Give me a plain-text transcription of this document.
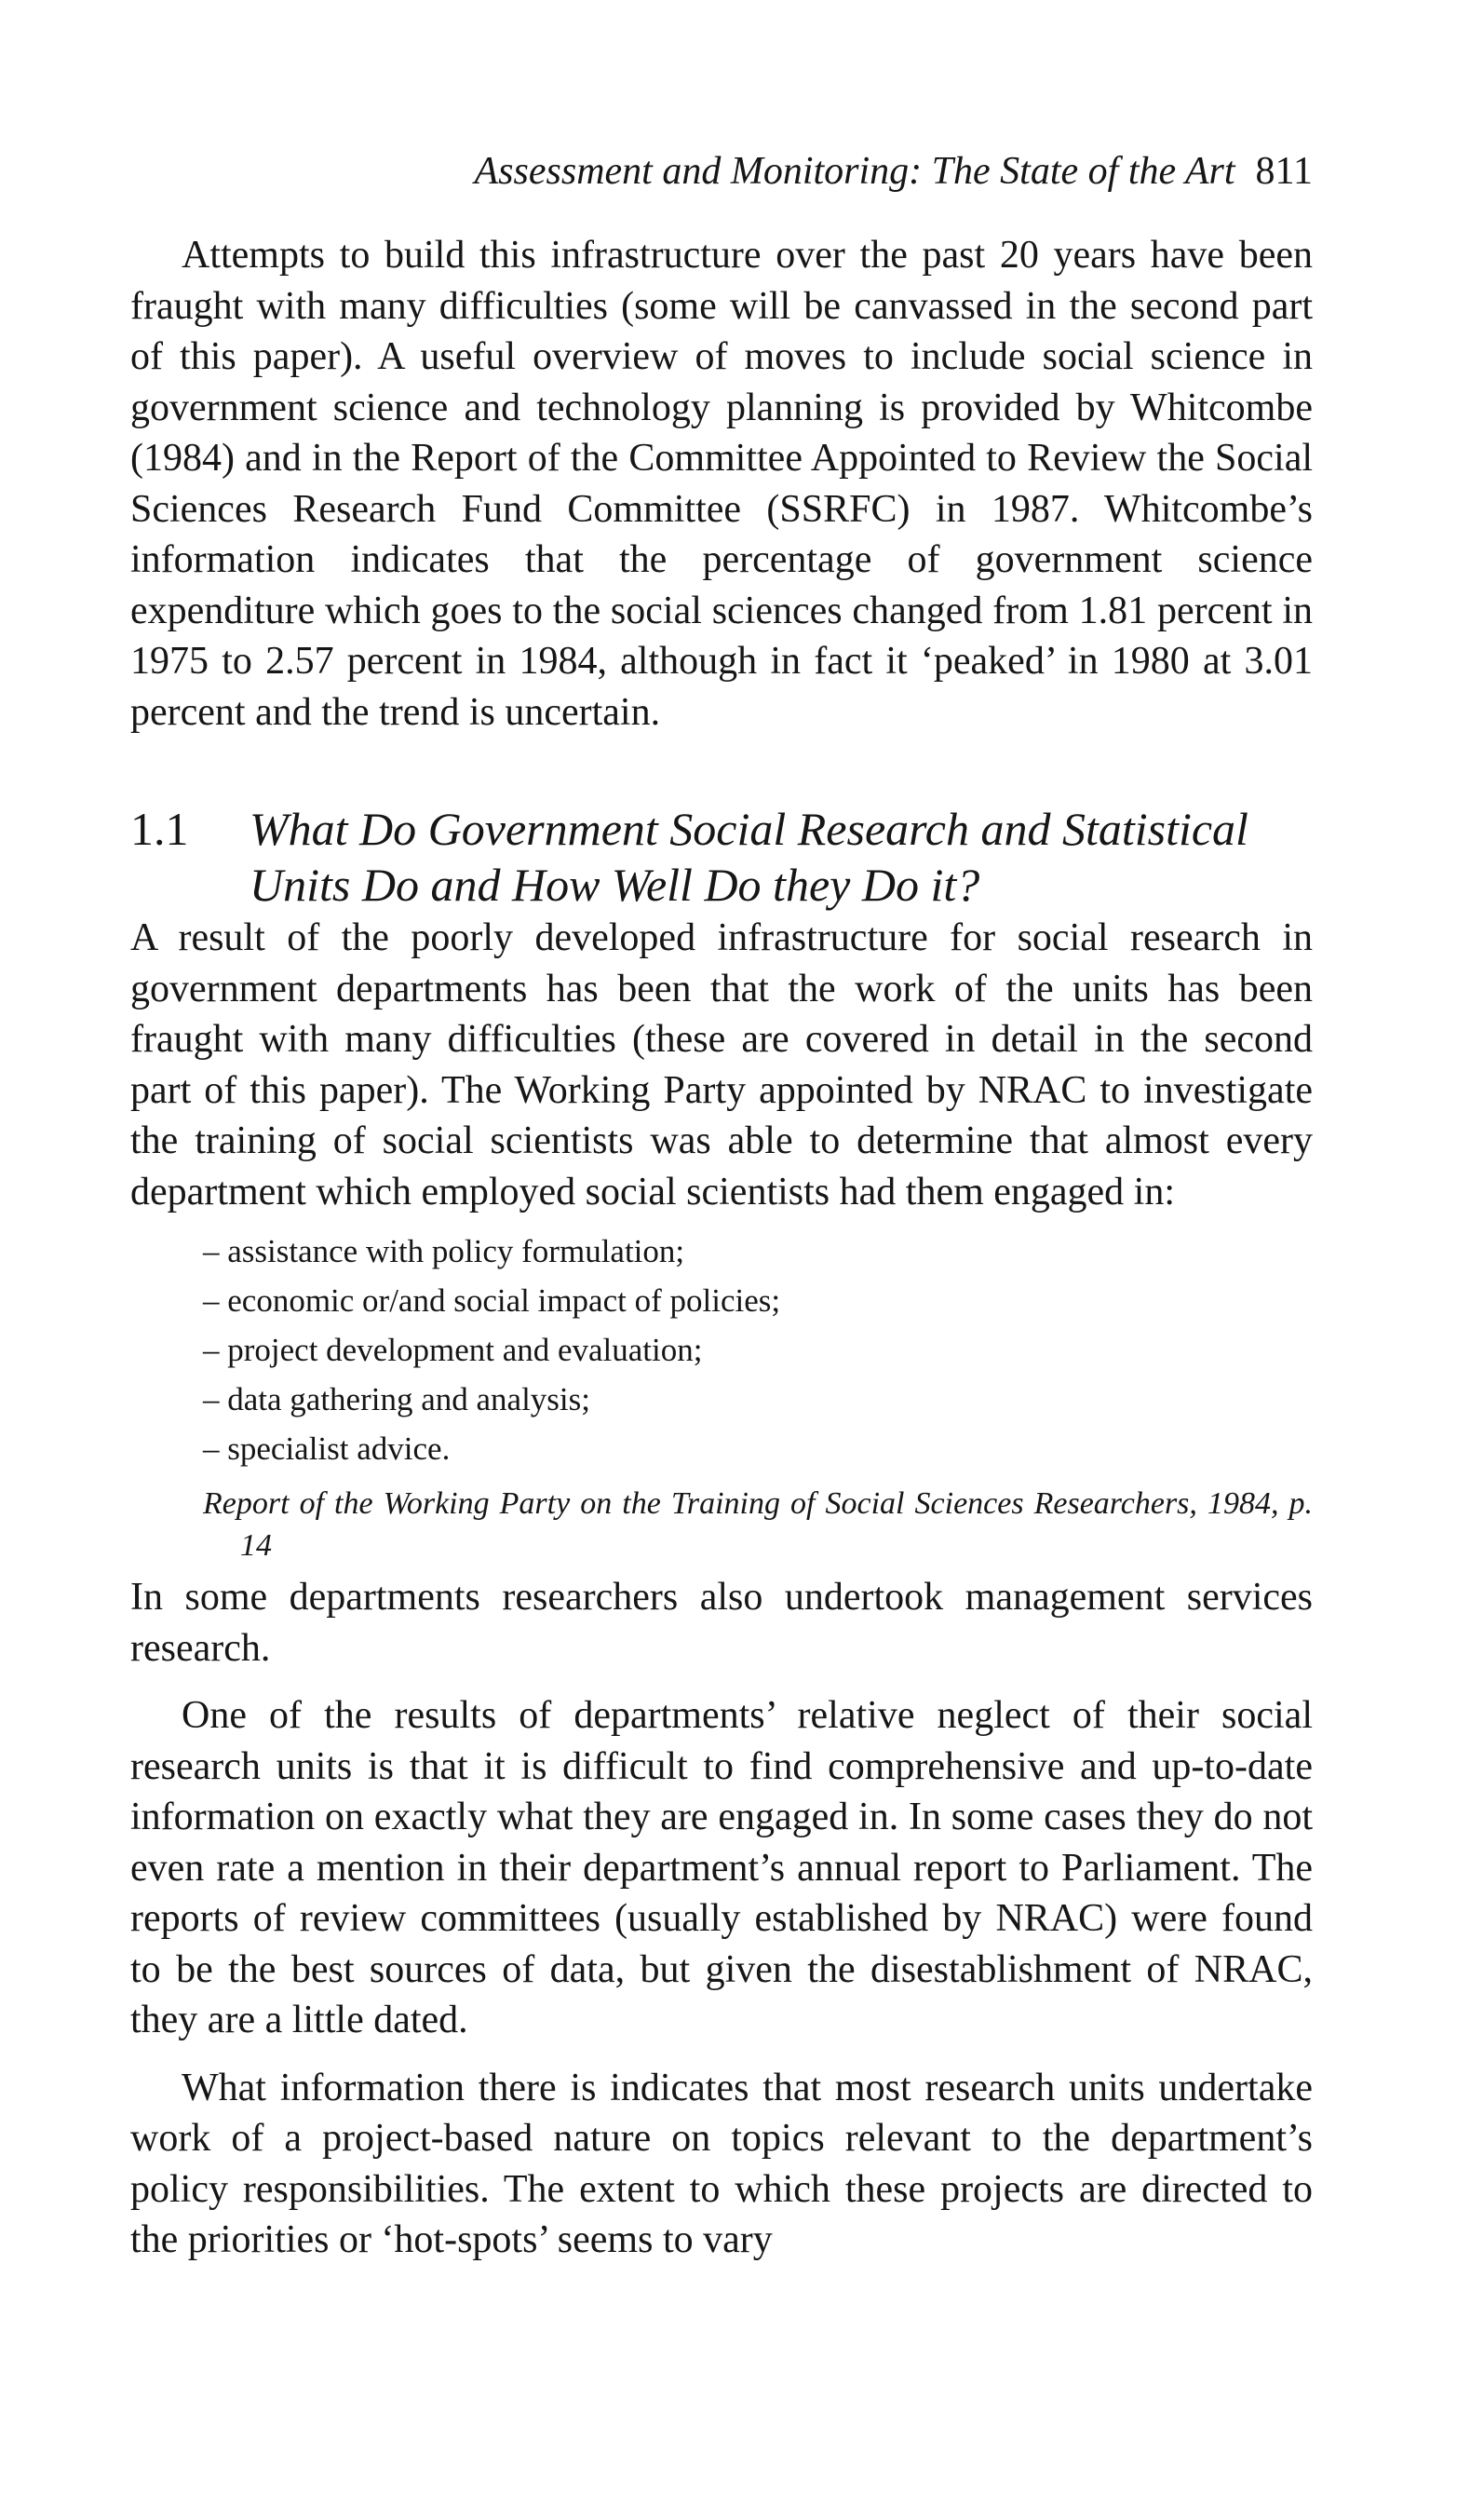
Assessment and Monitoring: The State of the Art 811

Attempts to build this infrastructure over the past 20 years have been fraught with many difficulties (some will be canvassed in the second part of this paper). A useful overview of moves to include social science in government science and technology planning is provided by Whitcombe (1984) and in the Report of the Committee Appointed to Review the Social Sciences Research Fund Committee (SSRFC) in 1987. Whitcombe’s information indicates that the percentage of government science expenditure which goes to the social sciences changed from 1.81 percent in 1975 to 2.57 percent in 1984, although in fact it ‘peaked’ in 1980 at 3.01 percent and the trend is uncertain.

1.1	What Do Government Social Research and Statistical Units Do and How Well Do they Do it?

A result of the poorly developed infrastructure for social research in government departments has been that the work of the units has been fraught with many difficulties (these are covered in detail in the second part of this paper). The Working Party appointed by NRAC to investigate the training of social scientists was able to determine that almost every department which employed social scientists had them engaged in:

– assistance with policy formulation;
– economic or/and social impact of policies;
– project development and evaluation;
– data gathering and analysis;
– specialist advice.
Report of the Working Party on the Training of Social Sciences Researchers, 1984, p. 14

In some departments researchers also undertook management services research.

One of the results of departments’ relative neglect of their social research units is that it is difficult to find comprehensive and up-to-date information on exactly what they are engaged in. In some cases they do not even rate a mention in their department’s annual report to Parliament. The reports of review committees (usually established by NRAC) were found to be the best sources of data, but given the disestablishment of NRAC, they are a little dated.

What information there is indicates that most research units undertake work of a project-based nature on topics relevant to the department’s policy responsibilities. The extent to which these projects are directed to the priorities or ‘hot-spots’ seems to vary
